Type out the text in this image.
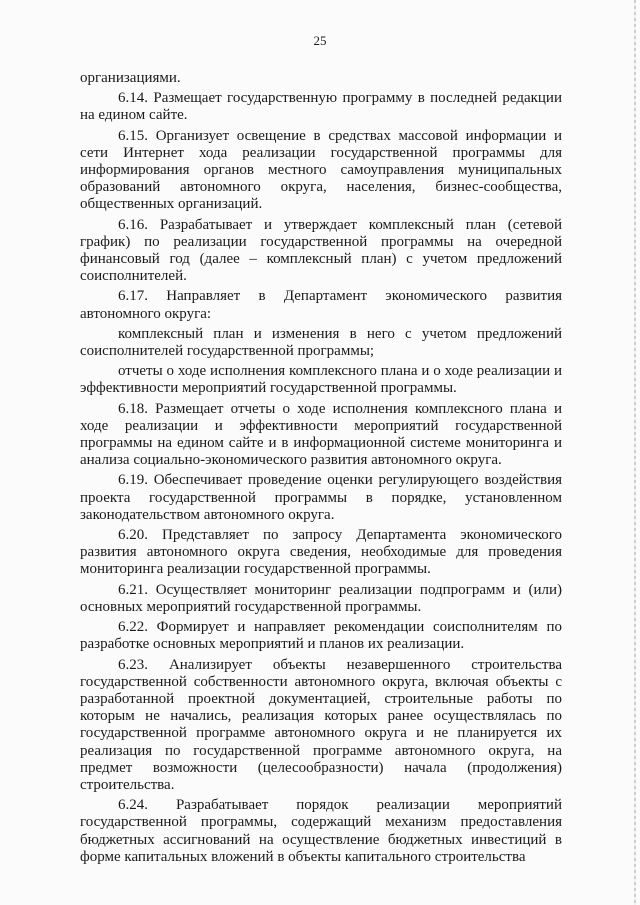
25

организациями.

6.14. Размещает государственную программу в последней редакции на едином сайте.

6.15. Организует освещение в средствах массовой информации и сети Интернет хода реализации государственной программы для информирования органов местного самоуправления муниципальных образований автономного округа, населения, бизнес-сообщества, общественных организаций.

6.16. Разрабатывает и утверждает комплексный план (сетевой график) по реализации государственной программы на очередной финансовый год (далее – комплексный план) с учетом предложений соисполнителей.

6.17. Направляет в Департамент экономического развития автономного округа:

комплексный план и изменения в него с учетом предложений соисполнителей государственной программы;

отчеты о ходе исполнения комплексного плана и о ходе реализации и эффективности мероприятий государственной программы.

6.18. Размещает отчеты о ходе исполнения комплексного плана и ходе реализации и эффективности мероприятий государственной программы на едином сайте и в информационной системе мониторинга и анализа социально-экономического развития автономного округа.

6.19. Обеспечивает проведение оценки регулирующего воздействия проекта государственной программы в порядке, установленном законодательством автономного округа.

6.20. Представляет по запросу Департамента экономического развития автономного округа сведения, необходимые для проведения мониторинга реализации государственной программы.

6.21. Осуществляет мониторинг реализации подпрограмм и (или) основных мероприятий государственной программы.

6.22. Формирует и направляет рекомендации соисполнителям по разработке основных мероприятий и планов их реализации.

6.23. Анализирует объекты незавершенного строительства государственной собственности автономного округа, включая объекты с разработанной проектной документацией, строительные работы по которым не начались, реализация которых ранее осуществлялась по государственной программе автономного округа и не планируется их реализация по государственной программе автономного округа, на предмет возможности (целесообразности) начала (продолжения) строительства.

6.24. Разрабатывает порядок реализации мероприятий государственной программы, содержащий механизм предоставления бюджетных ассигнований на осуществление бюджетных инвестиций в форме капитальных вложений в объекты капитального строительства
